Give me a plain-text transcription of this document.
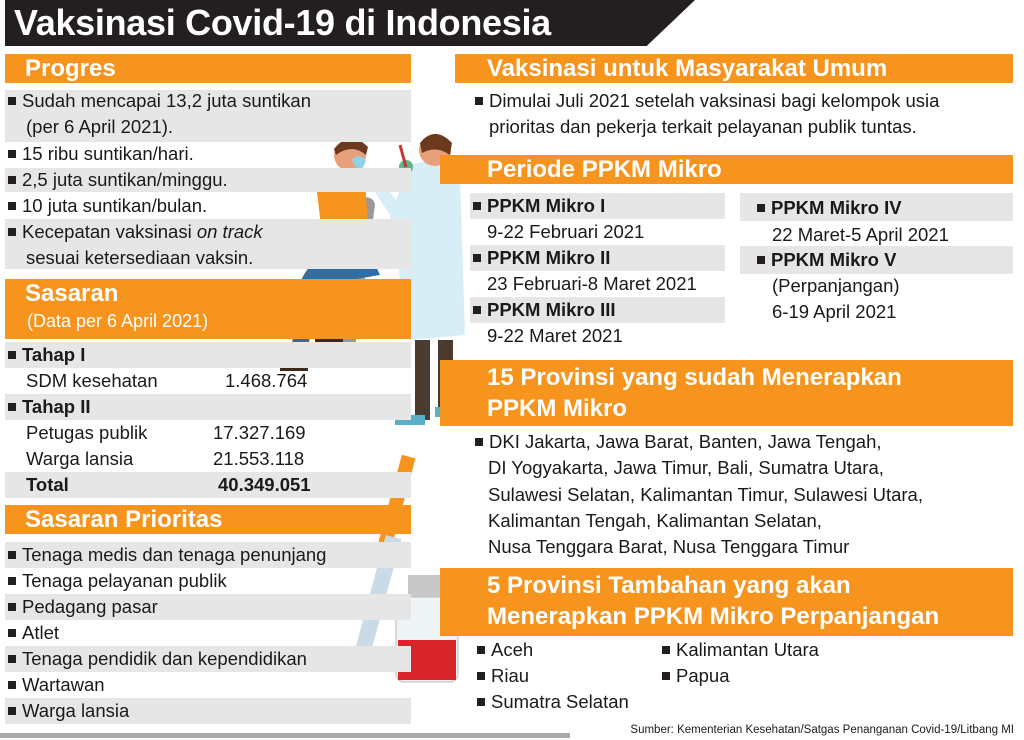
Vaksinasi Covid-19 di Indonesia
Progres
Sudah mencapai 13,2 juta suntikan
(per 6 April 2021).
15 ribu suntikan/hari.
2,5 juta suntikan/minggu.
10 juta suntikan/bulan.
Kecepatan vaksinasi on track
sesuai ketersediaan vaksin.
Sasaran
(Data per 6 April 2021)
Tahap I
SDM kesehatan	1.468.764
Tahap II
Petugas publik	17.327.169
Warga lansia	21.553.118
Total	40.349.051
Sasaran Prioritas
Tenaga medis dan tenaga penunjang
Tenaga pelayanan publik
Pedagang pasar
Atlet
Tenaga pendidik dan kependidikan
Wartawan
Warga lansia
Vaksinasi untuk Masyarakat Umum
Dimulai Juli 2021 setelah vaksinasi bagi kelompok usia
prioritas dan pekerja terkait pelayanan publik tuntas.
Periode PPKM Mikro
PPKM Mikro I
9-22 Februari 2021
PPKM Mikro II
23 Februari-8 Maret 2021
PPKM Mikro III
9-22 Maret 2021
PPKM Mikro IV
22 Maret-5 April 2021
PPKM Mikro V
(Perpanjangan)
6-19 April 2021
15 Provinsi yang sudah Menerapkan
PPKM Mikro
DKI Jakarta, Jawa Barat, Banten, Jawa Tengah,
DI Yogyakarta, Jawa Timur, Bali, Sumatra Utara,
Sulawesi Selatan, Kalimantan Timur, Sulawesi Utara,
Kalimantan Tengah, Kalimantan Selatan,
Nusa Tenggara Barat, Nusa Tenggara Timur
5 Provinsi Tambahan yang akan
Menerapkan PPKM Mikro Perpanjangan
Aceh
Riau
Sumatra Selatan
Kalimantan Utara
Papua
Sumber: Kementerian Kesehatan/Satgas Penanganan Covid-19/Litbang MI
